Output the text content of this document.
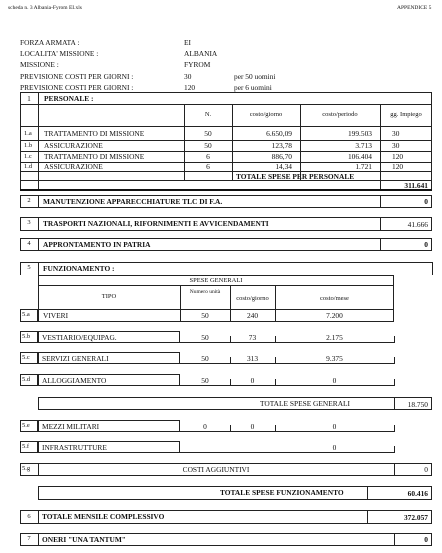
scheda n. 3 Albania-Fyrom EI.xls	APPENDICE 5
FORZA ARMATA :	EI
LOCALITA' MISSIONE :	ALBANIA
MISSIONE :	FYROM
PREVISIONE COSTI PER GIORNI :	30	per 50 uomini
PREVISIONE COSTI PER GIORNI :	120	per 6 uomini
1	PERSONALE :
N.	costo/giorno	costo/periodo	gg. Impiego
1.a TRATTAMENTO DI MISSIONE	50	6.650,09	199.503	30
1.b ASSICURAZIONE	50	123,78	3.713	30
1.c TRATTAMENTO DI MISSIONE	6	886,70	106.404	120
1.d ASSICURAZIONE	6	14,34	1.721	120
TOTALE SPESE PER PERSONALE
311.641
2	MANUTENZIONE APPARECCHIATURE TLC DI F.A.	0
3	TRASPORTI NAZIONALI, RIFORNIMENTI E AVVICENDAMENTI	41.666
4	APPRONTAMENTO IN PATRIA	0
5	FUNZIONAMENTO :
SPESE GENERALI
TIPO
Numero unità
costo/giorno	costo/mese
5.a VIVERI	50	240	7.200
5.b VESTIARIO/EQUIPAG.	50	73	2.175
5.c SERVIZI GENERALI	50	313	9.375
5.d ALLOGGIAMENTO	50	0	0
TOTALE SPESE GENERALI	18.750
5.e MEZZI MILITARI	0	0	0
5.f INFRASTRUTTURE	0
5.g	COSTI AGGIUNTIVI	0
TOTALE SPESE FUNZIONAMENTO	60.416
6	TOTALE MENSILE COMPLESSIVO	372.057
7	ONERI "UNA TANTUM"	0
